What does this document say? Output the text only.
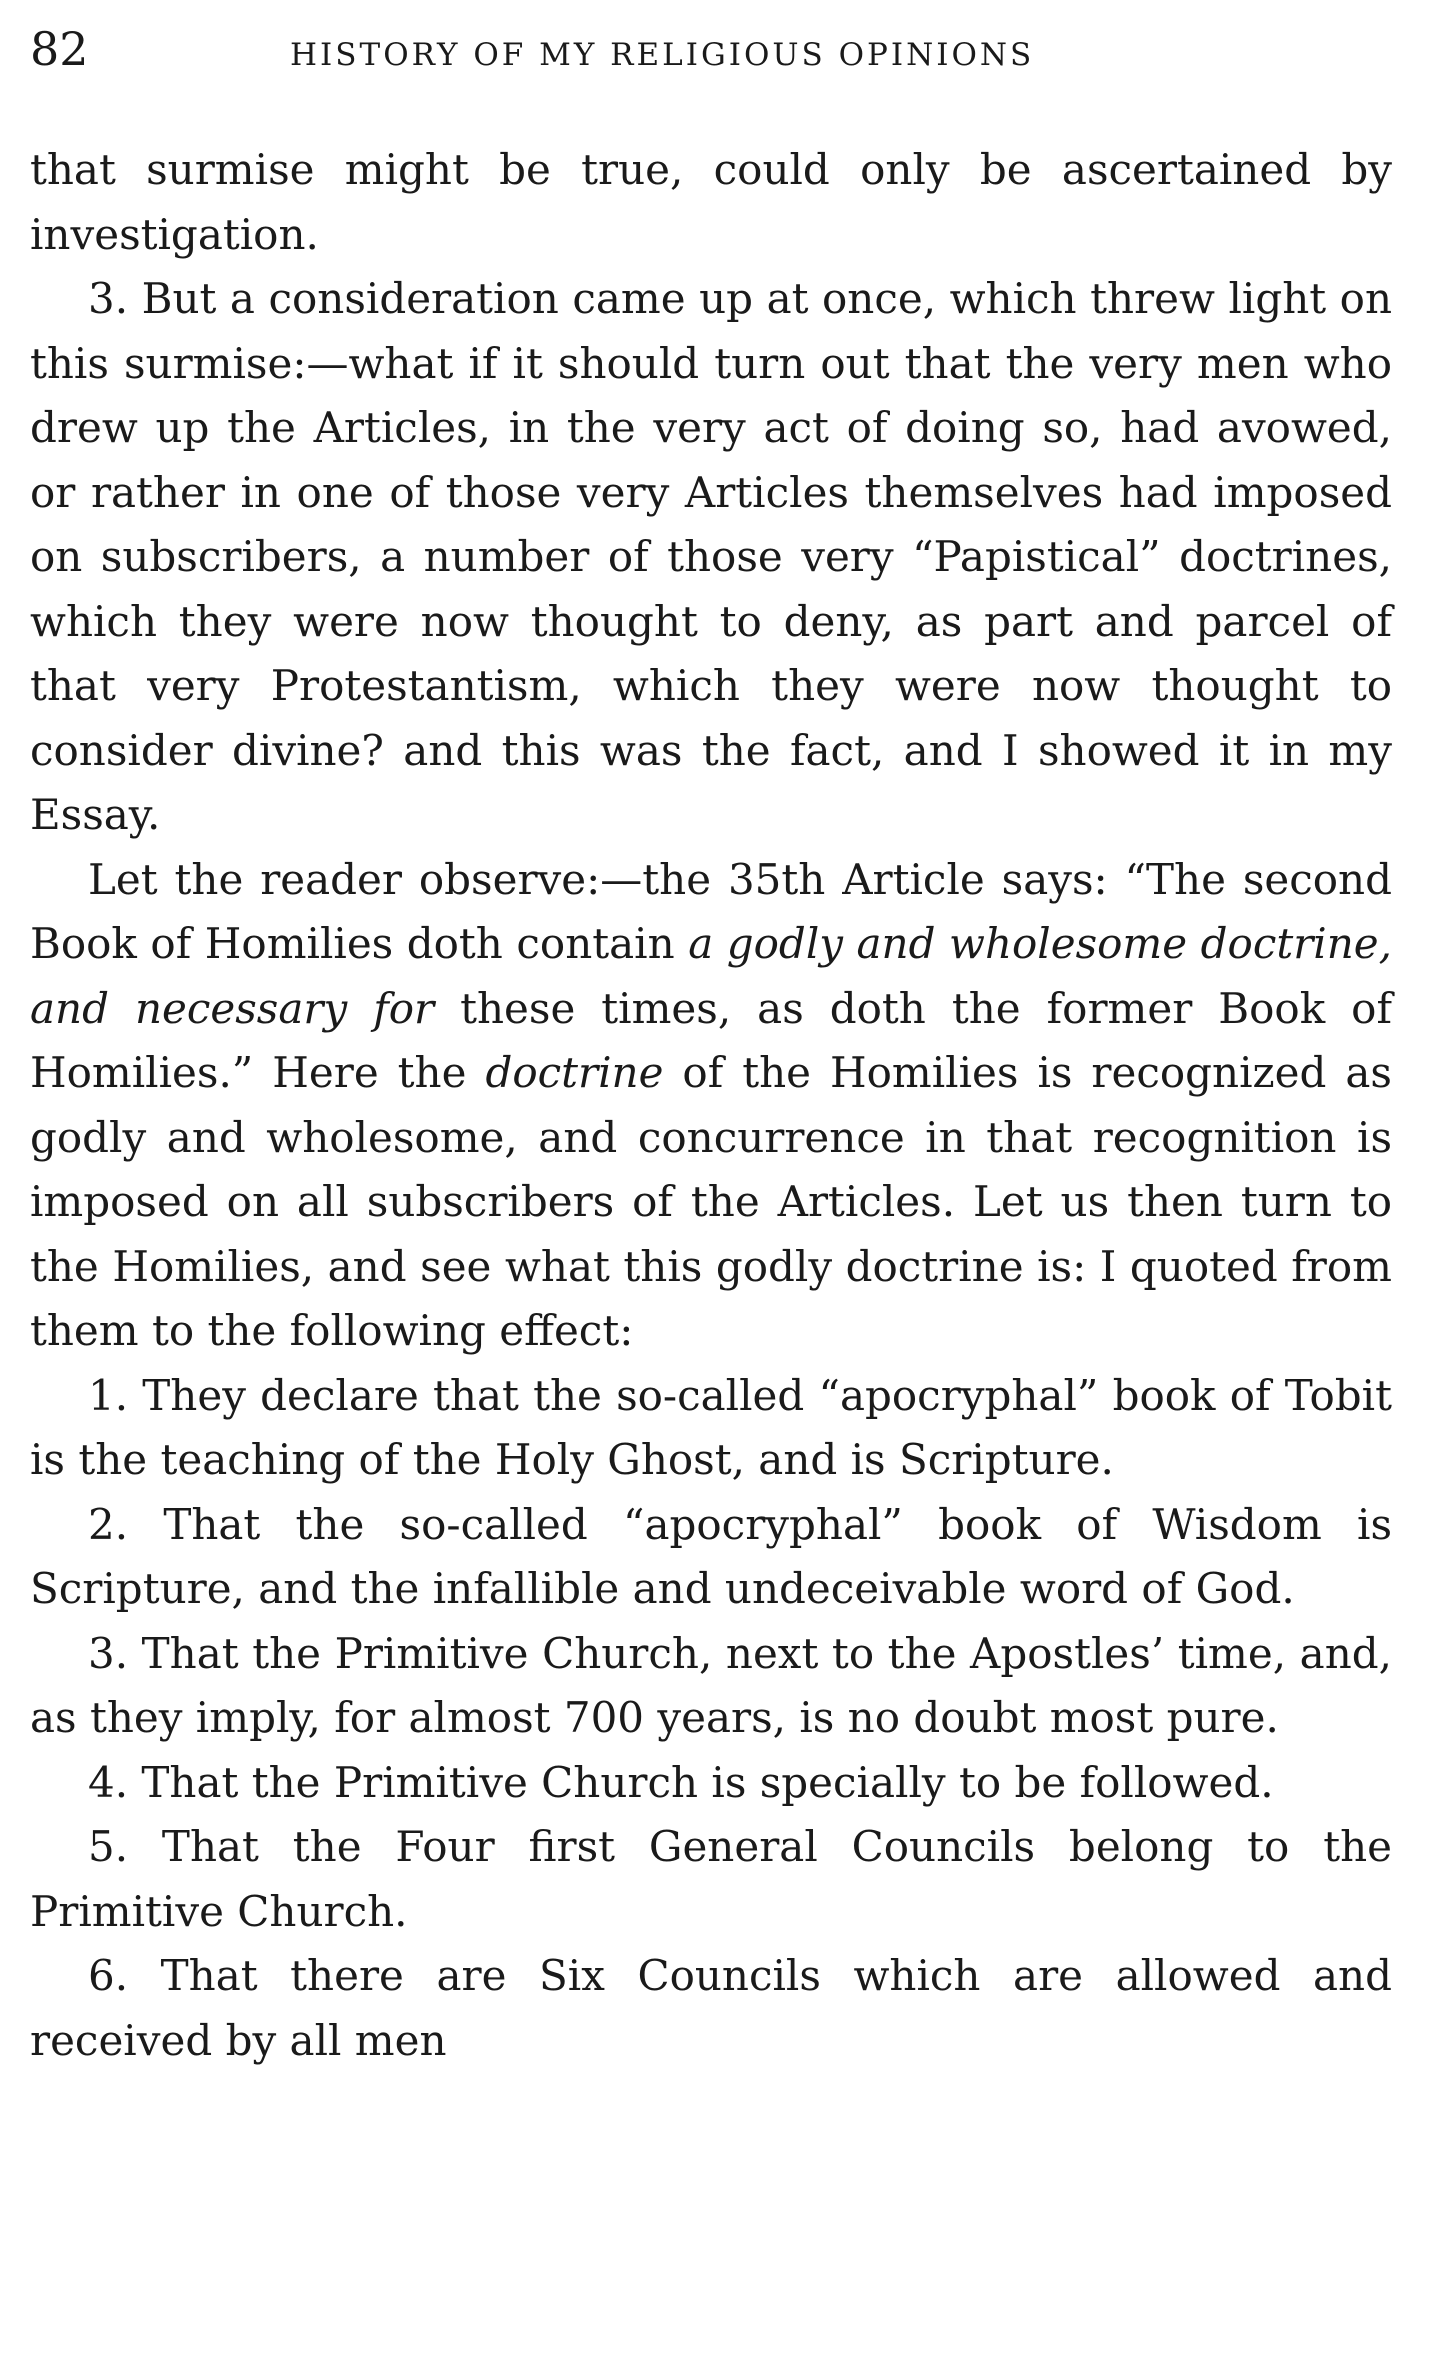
82	HISTORY OF MY RELIGIOUS OPINIONS

that surmise might be true, could only be ascertained by investigation.

3. But a consideration came up at once, which threw light on this surmise:—what if it should turn out that the very men who drew up the Articles, in the very act of doing so, had avowed, or rather in one of those very Articles themselves had imposed on subscribers, a number of those very “Papistical” doctrines, which they were now thought to deny, as part and parcel of that very Protestantism, which they were now thought to consider divine? and this was the fact, and I showed it in my Essay.

Let the reader observe:—the 35th Article says: “The second Book of Homilies doth contain a godly and wholesome doctrine, and necessary for these times, as doth the former Book of Homilies.” Here the doctrine of the Homilies is recognized as godly and wholesome, and concurrence in that recognition is imposed on all subscribers of the Articles. Let us then turn to the Homilies, and see what this godly doctrine is: I quoted from them to the following effect:

1. They declare that the so-called “apocryphal” book of Tobit is the teaching of the Holy Ghost, and is Scripture.

2. That the so-called “apocryphal” book of Wisdom is Scripture, and the infallible and undeceivable word of God.

3. That the Primitive Church, next to the Apostles’ time, and, as they imply, for almost 700 years, is no doubt most pure.

4. That the Primitive Church is specially to be followed.

5. That the Four first General Councils belong to the Primitive Church.

6. That there are Six Councils which are allowed and received by all men
